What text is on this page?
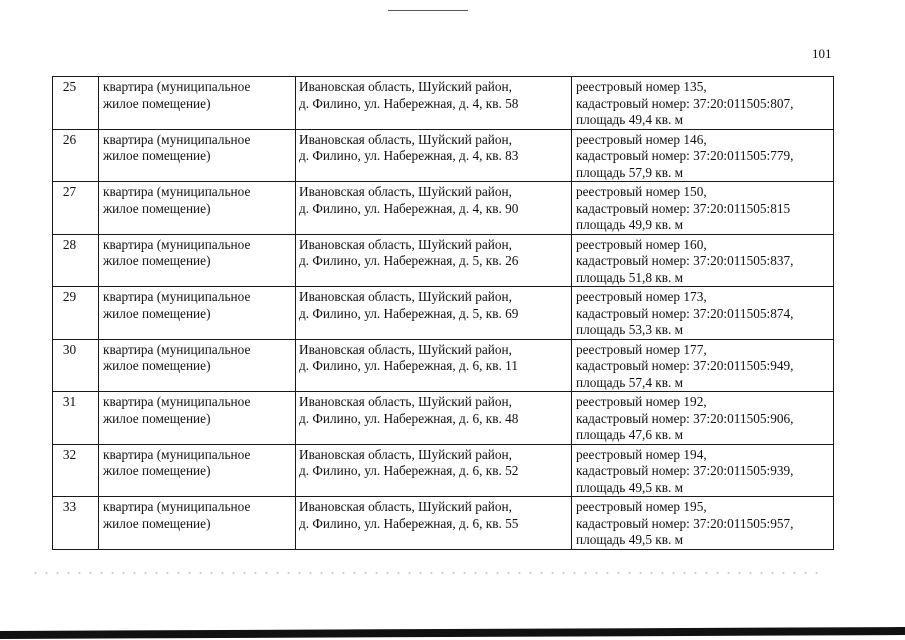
101
25	квартира (муниципальное
жилое помещение)	Ивановская область, Шуйский район,
д. Филино, ул. Набережная, д. 4, кв. 58	реестровый номер 135,
кадастровый номер: 37:20:011505:807,
площадь 49,4 кв. м

26	квартира (муниципальное
жилое помещение)	Ивановская область, Шуйский район,
д. Филино, ул. Набережная, д. 4, кв. 83	реестровый номер 146,
кадастровый номер: 37:20:011505:779,
площадь 57,9 кв. м

27	квартира (муниципальное
жилое помещение)	Ивановская область, Шуйский район,
д. Филино, ул. Набережная, д. 4, кв. 90	реестровый номер 150,
кадастровый номер: 37:20:011505:815
площадь 49,9 кв. м

28	квартира (муниципальное
жилое помещение)	Ивановская область, Шуйский район,
д. Филино, ул. Набережная, д. 5, кв. 26	реестровый номер 160,
кадастровый номер: 37:20:011505:837,
площадь 51,8 кв. м

29	квартира (муниципальное
жилое помещение)	Ивановская область, Шуйский район,
д. Филино, ул. Набережная, д. 5, кв. 69	реестровый номер 173,
кадастровый номер: 37:20:011505:874,
площадь 53,3 кв. м

30	квартира (муниципальное
жилое помещение)	Ивановская область, Шуйский район,
д. Филино, ул. Набережная, д. 6, кв. 11	реестровый номер 177,
кадастровый номер: 37:20:011505:949,
площадь 57,4 кв. м

31	квартира (муниципальное
жилое помещение)	Ивановская область, Шуйский район,
д. Филино, ул. Набережная, д. 6, кв. 48	реестровый номер 192,
кадастровый номер: 37:20:011505:906,
площадь 47,6 кв. м

32	квартира (муниципальное
жилое помещение)	Ивановская область, Шуйский район,
д. Филино, ул. Набережная, д. 6, кв. 52	реестровый номер 194,
кадастровый номер: 37:20:011505:939,
площадь 49,5 кв. м

33	квартира (муниципальное
жилое помещение)	Ивановская область, Шуйский район,
д. Филино, ул. Набережная, д. 6, кв. 55	реестровый номер 195,
кадастровый номер: 37:20:011505:957,
площадь 49,5 кв. м
